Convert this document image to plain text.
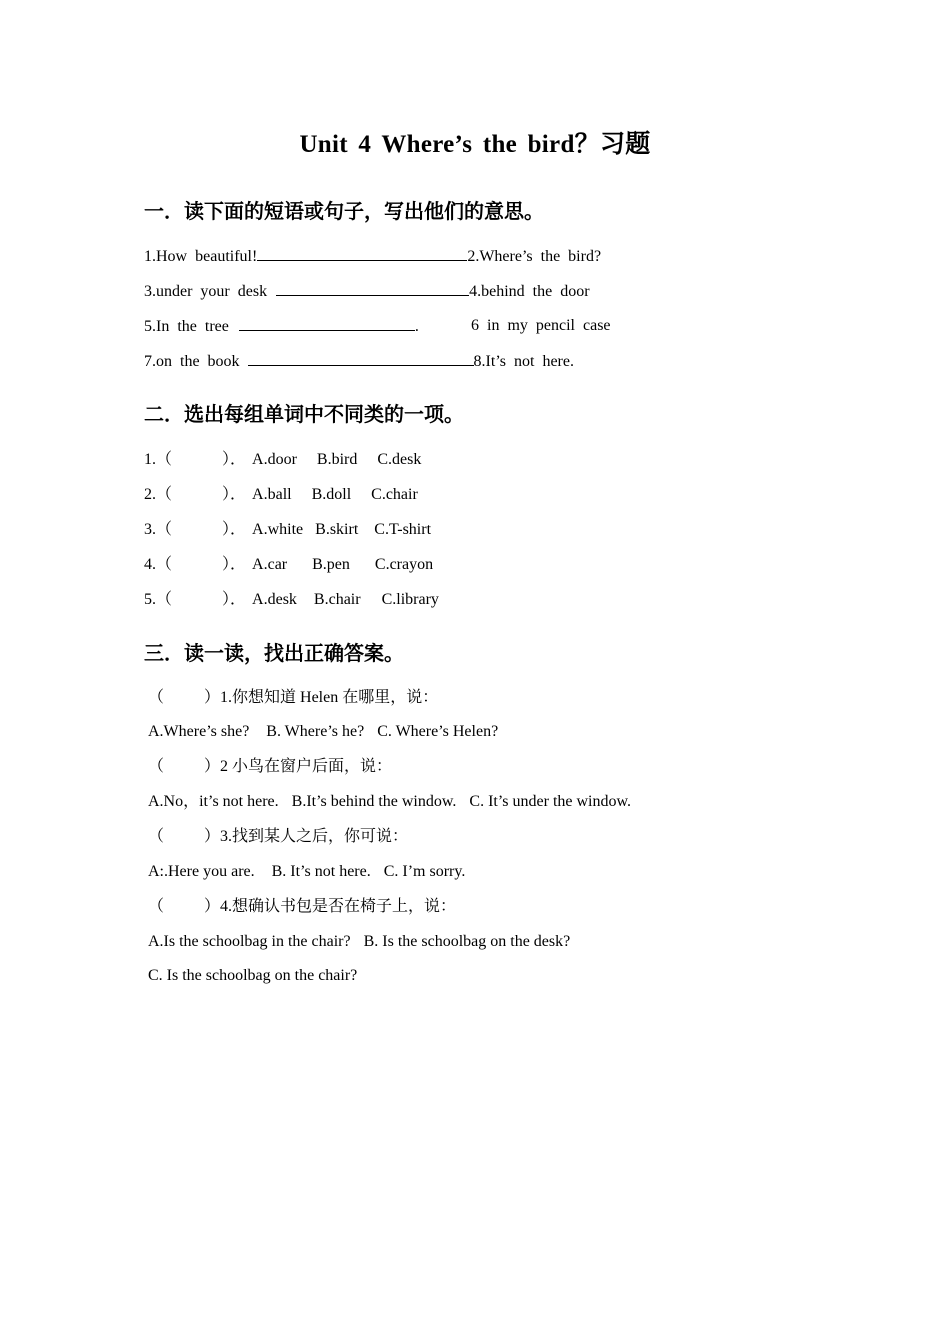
Unit 4 Where’s the bird？习题
一．读下面的短语或句子，写出他们的意思。
1.How beautiful!	2.Where’s the bird?
3.under your desk	4.behind the door
5.In the tree	.	6 in my pencil case
7.on the book	8.It’s not here.
二．选出每组单词中不同类的一项。
1.（	）． A.door B.bird C.desk
2.（	）． A.ball B.doll C.chair
3.（	）． A.white B.skirt C.T-shirt
4.（	）． A.car B.pen C.crayon
5.（	）． A.desk B.chair C.library
三．读一读，找出正确答案。
（	）1.你想知道 Helen 在哪里，说：
A.Where’s she? B. Where’s he? C. Where’s Helen?
（	）2 小鸟在窗户后面，说：
A.No，it’s not here. B.It’s behind the window. C. It’s under the window.
（	）3.找到某人之后，你可说：
A:.Here you are. B. It’s not here. C. I’m sorry.
（	）4.想确认书包是否在椅子上，说：
A.Is the schoolbag in the chair? B. Is the schoolbag on the desk?
C. Is the schoolbag on the chair?
